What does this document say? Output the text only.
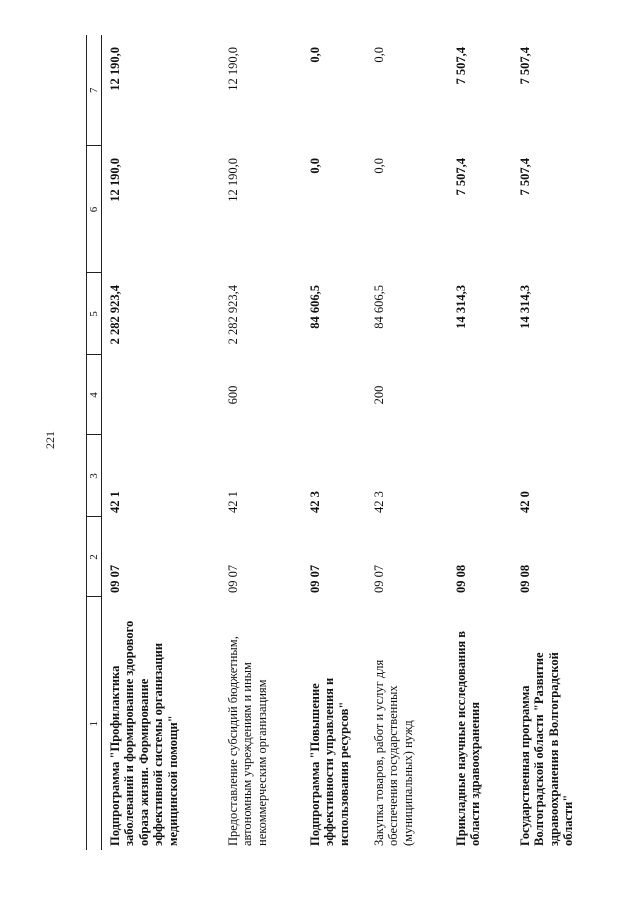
221
1	2	3	4	5	6	7
Подпрограмма "Профилактика заболеваний и формирование здорового образа жизни. Формирование эффективной системы организации медицинской помощи"	09 07	42 1		2 282 923,4	12 190,0	12 190,0
Предоставление субсидий бюджетным, автономным учреждениям и иным некоммерческим организациям	09 07	42 1	600	2 282 923,4	12 190,0	12 190,0
Подпрограмма "Повышение эффективности управления и использования ресурсов"	09 07	42 3		84 606,5	0,0	0,0
Закупка товаров, работ и услуг для обеспечения государственных (муниципальных) нужд	09 07	42 3	200	84 606,5	0,0	0,0
Прикладные научные исследования в области здравоохранения	09 08			14 314,3	7 507,4	7 507,4
Государственная программа Волгоградской области "Развитие здравоохранения в Волгоградской области"	09 08	42 0		14 314,3	7 507,4	7 507,4
